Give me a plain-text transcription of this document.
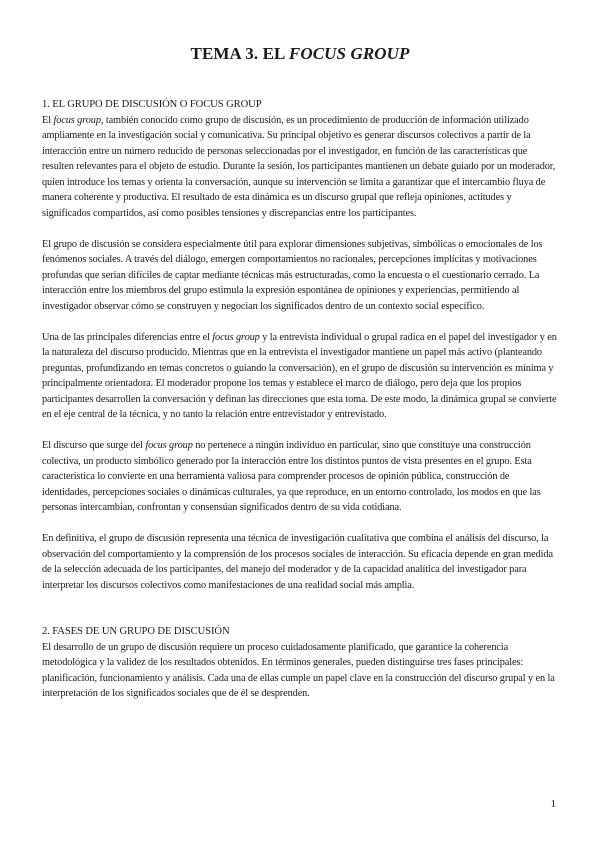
TEMA 3. EL FOCUS GROUP
1. EL GRUPO DE DISCUSIÓN O FOCUS GROUP

El focus group, también conocido como grupo de discusión, es un procedimiento de producción de información utilizado ampliamente en la investigación social y comunicativa. Su principal objetivo es generar discursos colectivos a partir de la interacción entre un número reducido de personas seleccionadas por el investigador, en función de las características que resulten relevantes para el objeto de estudio. Durante la sesión, los participantes mantienen un debate guiado por un moderador, quien introduce los temas y orienta la conversación, aunque su intervención se limita a garantizar que el intercambio fluya de manera coherente y productiva. El resultado de esta dinámica es un discurso grupal que refleja opiniones, actitudes y significados compartidos, así como posibles tensiones y discrepancias entre los participantes.

El grupo de discusión se considera especialmente útil para explorar dimensiones subjetivas, simbólicas o emocionales de los fenómenos sociales. A través del diálogo, emergen comportamientos no racionales, percepciones implícitas y motivaciones profundas que serían difíciles de captar mediante técnicas más estructuradas, como la encuesta o el cuestionario cerrado. La interacción entre los miembros del grupo estimula la expresión espontánea de opiniones y experiencias, permitiendo al investigador observar cómo se construyen y negocian los significados dentro de un contexto social específico.

Una de las principales diferencias entre el focus group y la entrevista individual o grupal radica en el papel del investigador y en la naturaleza del discurso producido. Mientras que en la entrevista el investigador mantiene un papel más activo (planteando preguntas, profundizando en temas concretos o guiando la conversación), en el grupo de discusión su intervención es mínima y principalmente orientadora. El moderador propone los temas y establece el marco de diálogo, pero deja que los propios participantes desarrollen la conversación y definan las direcciones que esta toma. De este modo, la dinámica grupal se convierte en el eje central de la técnica, y no tanto la relación entre entrevistador y entrevistado.

El discurso que surge del focus group no pertenece a ningún individuo en particular, sino que constituye una construcción colectiva, un producto simbólico generado por la interacción entre los distintos puntos de vista presentes en el grupo. Esta característica lo convierte en una herramienta valiosa para comprender procesos de opinión pública, construcción de identidades, percepciones sociales o dinámicas culturales, ya que reproduce, en un entorno controlado, los modos en que las personas intercambian, confrontan y consensúan significados dentro de su vida cotidiana.

En definitiva, el grupo de discusión representa una técnica de investigación cualitativa que combina el análisis del discurso, la observación del comportamiento y la comprensión de los procesos sociales de interacción. Su eficacia depende en gran medida de la selección adecuada de los participantes, del manejo del moderador y de la capacidad analítica del investigador para interpretar los discursos colectivos como manifestaciones de una realidad social más amplia.

2. FASES DE UN GRUPO DE DISCUSIÓN

El desarrollo de un grupo de discusión requiere un proceso cuidadosamente planificado, que garantice la coherencia metodológica y la validez de los resultados obtenidos. En términos generales, pueden distinguirse tres fases principales: planificación, funcionamiento y análisis. Cada una de ellas cumple un papel clave en la construcción del discurso grupal y en la interpretación de los significados sociales que de él se desprenden.

1
